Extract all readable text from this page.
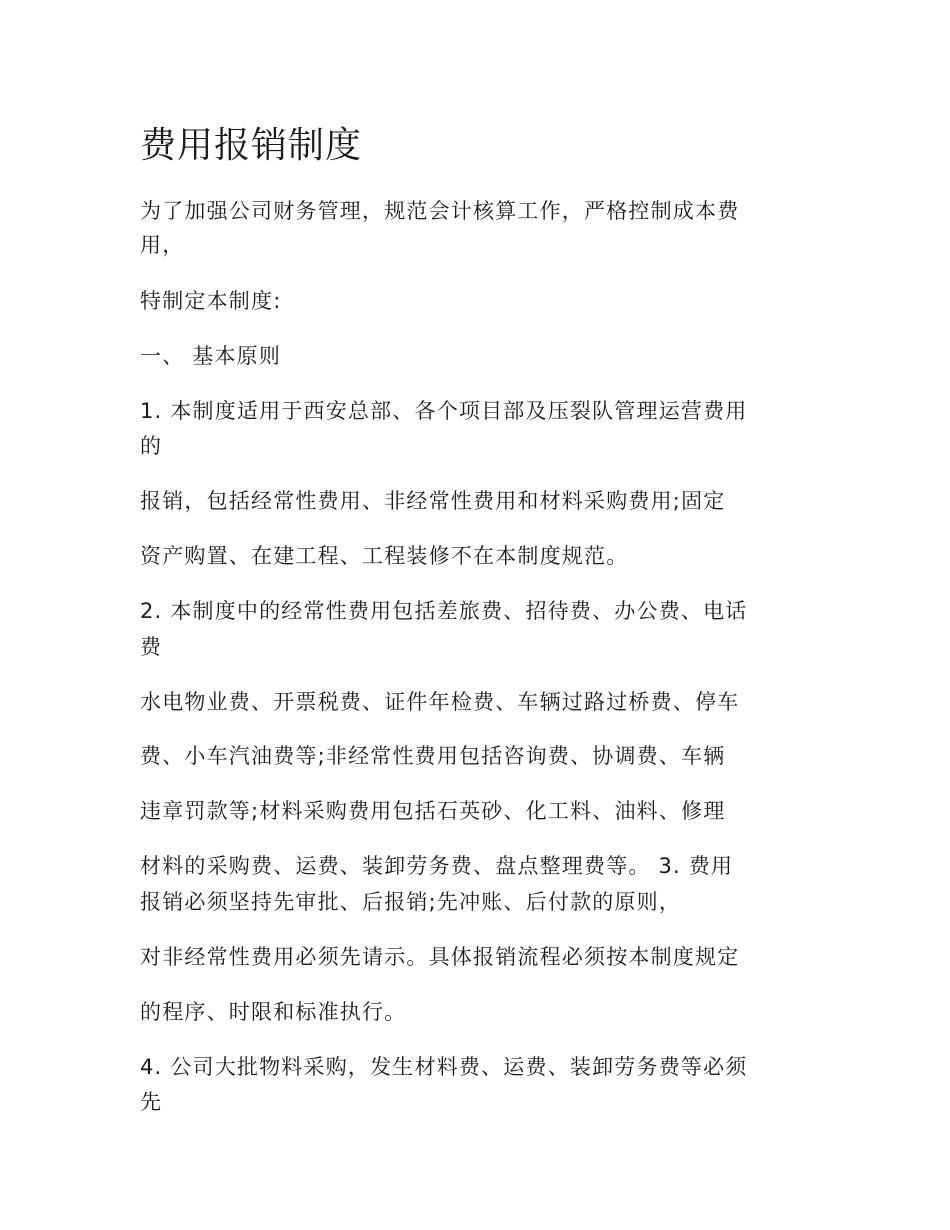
费用报销制度

为了加强公司财务管理，规范会计核算工作，严格控制成本费

用，

特制定本制度:

一、 基本原则

1. 本制度适用于西安总部、各个项目部及压裂队管理运营费用

的

报销，包括经常性费用、非经常性费用和材料采购费用;固定

资产购置、在建工程、工程装修不在本制度规范。

2. 本制度中的经常性费用包括差旅费、招待费、办公费、电话

费

水电物业费、开票税费、证件年检费、车辆过路过桥费、停车

费、小车汽油费等;非经常性费用包括咨询费、协调费、车辆

违章罚款等;材料采购费用包括石英砂、化工料、油料、修理

材料的采购费、运费、装卸劳务费、盘点整理费等。 3. 费用

报销必须坚持先审批、后报销;先冲账、后付款的原则，

对非经常性费用必须先请示。具体报销流程必须按本制度规定

的程序、时限和标准执行。

4. 公司大批物料采购，发生材料费、运费、装卸劳务费等必须

先
